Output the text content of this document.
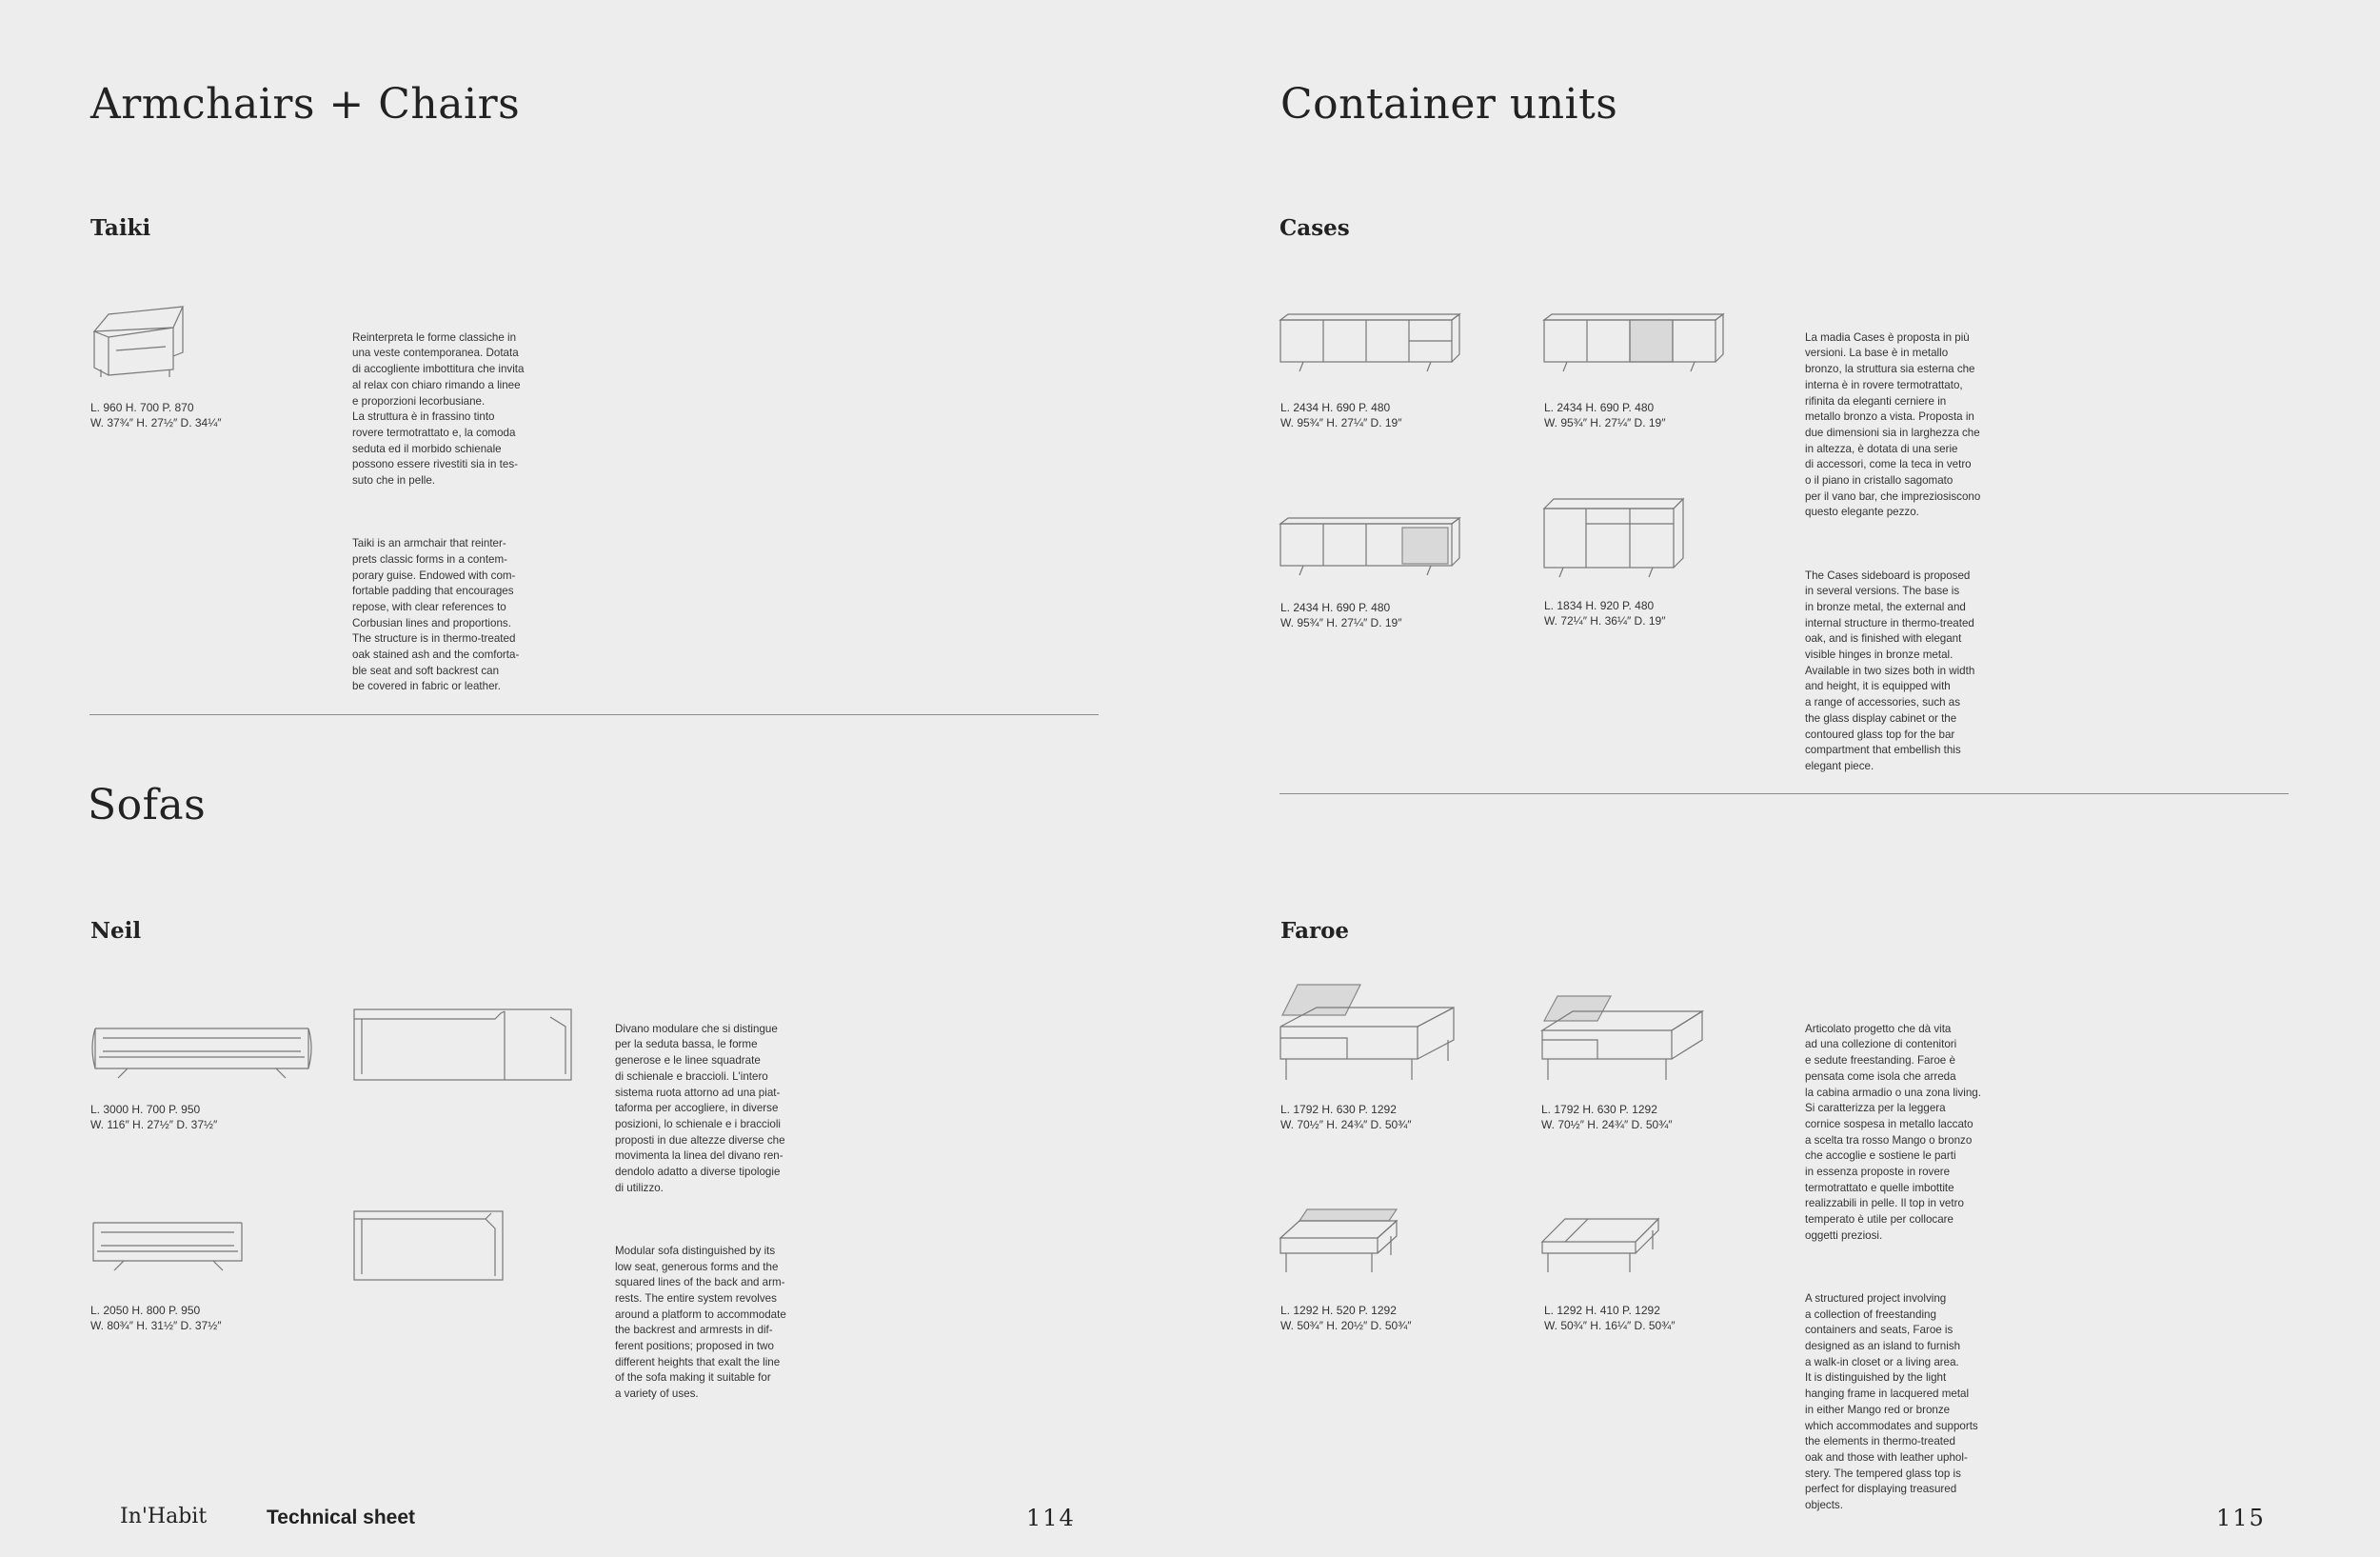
Armchairs + Chairs
Taiki
L. 960 H. 700 P. 870
W. 37¾″ H. 27½″ D. 34¼″

Reinterpreta le forme classiche in
una veste contemporanea. Dotata
di accogliente imbottitura che invita
al relax con chiaro rimando a linee
e proporzioni lecorbusiane.
La struttura è in frassino tinto
rovere termotrattato e, la comoda
seduta ed il morbido schienale
possono essere rivestiti sia in tes-
suto che in pelle.

Taiki is an armchair that reinter-
prets classic forms in a contem-
porary guise. Endowed with com-
fortable padding that encourages
repose, with clear references to
Corbusian lines and proportions.
The structure is in thermo-treated
oak stained ash and the comforta-
ble seat and soft backrest can
be covered in fabric or leather.

Sofas
Neil
L. 3000 H. 700 P. 950
W. 116″ H. 27½″ D. 37½″
L. 2050 H. 800 P. 950
W. 80¾″ H. 31½″ D. 37½″

Divano modulare che si distingue
per la seduta bassa, le forme
generose e le linee squadrate
di schienale e braccioli. L'intero
sistema ruota attorno ad una piat-
taforma per accogliere, in diverse
posizioni, lo schienale e i braccioli
proposti in due altezze diverse che
movimenta la linea del divano ren-
dendolo adatto a diverse tipologie
di utilizzo.

Modular sofa distinguished by its
low seat, generous forms and the
squared lines of the back and arm-
rests. The entire system revolves
around a platform to accommodate
the backrest and armrests in dif-
ferent positions; proposed in two
different heights that exalt the line
of the sofa making it suitable for
a variety of uses.

In'Habit	Technical sheet	114
Container units
Cases
L. 2434 H. 690 P. 480
W. 95¾″ H. 27¼″ D. 19″
L. 2434 H. 690 P. 480
W. 95¾″ H. 27¼″ D. 19″
L. 2434 H. 690 P. 480
W. 95¾″ H. 27¼″ D. 19″
L. 1834 H. 920 P. 480
W. 72¼″ H. 36¼″ D. 19″

La madia Cases è proposta in più
versioni. La base è in metallo
bronzo, la struttura sia esterna che
interna è in rovere termotrattato,
rifinita da eleganti cerniere in
metallo bronzo a vista. Proposta in
due dimensioni sia in larghezza che
in altezza, è dotata di una serie
di accessori, come la teca in vetro
o il piano in cristallo sagomato
per il vano bar, che impreziosiscono
questo elegante pezzo.

The Cases sideboard is proposed
in several versions. The base is
in bronze metal, the external and
internal structure in thermo-treated
oak, and is finished with elegant
visible hinges in bronze metal.
Available in two sizes both in width
and height, it is equipped with
a range of accessories, such as
the glass display cabinet or the
contoured glass top for the bar
compartment that embellish this
elegant piece.

Faroe
L. 1792 H. 630 P. 1292
W. 70½″ H. 24¾″ D. 50¾″
L. 1792 H. 630 P. 1292
W. 70½″ H. 24¾″ D. 50¾″
L. 1292 H. 520 P. 1292
W. 50¾″ H. 20½″ D. 50¾″
L. 1292 H. 410 P. 1292
W. 50¾″ H. 16¼″ D. 50¾″

Articolato progetto che dà vita
ad una collezione di contenitori
e sedute freestanding. Faroe è
pensata come isola che arreda
la cabina armadio o una zona living.
Si caratterizza per la leggera
cornice sospesa in metallo laccato
a scelta tra rosso Mango o bronzo
che accoglie e sostiene le parti
in essenza proposte in rovere
termotrattato e quelle imbottite
realizzabili in pelle. Il top in vetro
temperato è utile per collocare
oggetti preziosi.

A structured project involving
a collection of freestanding
containers and seats, Faroe is
designed as an island to furnish
a walk-in closet or a living area.
It is distinguished by the light
hanging frame in lacquered metal
in either Mango red or bronze
which accommodates and supports
the elements in thermo-treated
oak and those with leather uphol-
stery. The tempered glass top is
perfect for displaying treasured
objects.	115
